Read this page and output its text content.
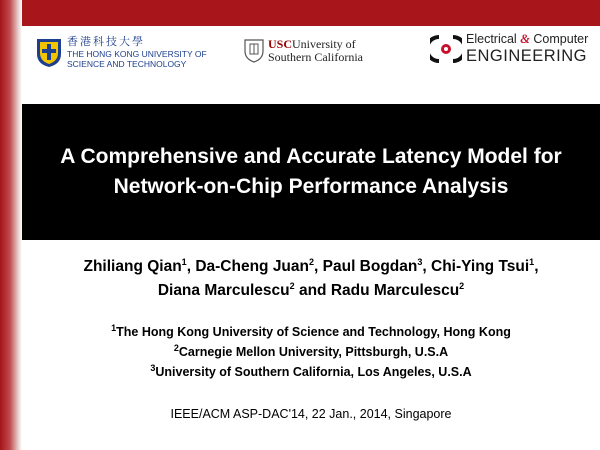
香港科技大學
THE HONG KONG UNIVERSITY OF
SCIENCE AND TECHNOLOGY
USCUniversity of
Southern California
Electrical & Computer
ENGINEERING
A Comprehensive and Accurate Latency Model for
Network-on-Chip Performance Analysis
Zhiliang Qian$^1$, Da-Cheng Juan$^2$, Paul Bogdan$^3$, Chi-Ying Tsui$^1$,
Diana Marculescu$^2$ and Radu Marculescu$^2$
$^1$The Hong Kong University of Science and Technology, Hong Kong
$^2$Carnegie Mellon University, Pittsburgh, U.S.A
$^3$University of Southern California, Los Angeles, U.S.A
IEEE/ACM ASP-DAC'14, 22 Jan., 2014, Singapore
